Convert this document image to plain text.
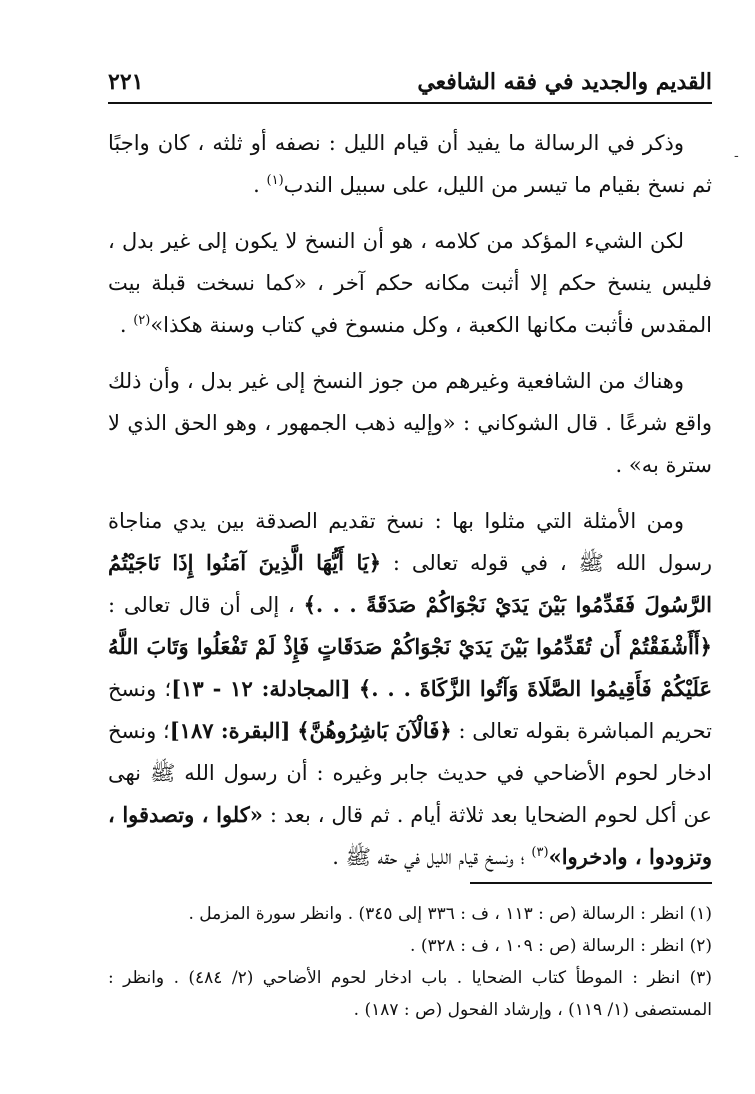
٢٢١	القديم والجديد في فقه الشافعي
-

وذكر في الرسالة ما يفيد أن قيام الليل : نصفه أو ثلثه ، كان واجبًا ثم نسخ بقيام ما تيسر من الليل، على سبيل الندب$^{(١)}$ .

لكن الشيء المؤكد من كلامه ، هو أن النسخ لا يكون إلى غير بدل ، فليس ينسخ حكم إلا أثبت مكانه حكم آخر ، «كما نسخت قبلة بيت المقدس فأثبت مكانها الكعبة ، وكل منسوخ في كتاب وسنة هكذا»$^{(٢)}$ .

وهناك من الشافعية وغيرهم من جوز النسخ إلى غير بدل ، وأن ذلك واقع شرعًا . قال الشوكاني : «وإليه ذهب الجمهور ، وهو الحق الذي لا سترة به» .

ومن الأمثلة التي مثلوا بها : نسخ تقديم الصدقة بين يدي مناجاة رسول الله ﷺ ، في قوله تعالى : ﴿يَا أَيُّهَا الَّذِينَ آمَنُوا إِذَا نَاجَيْتُمُ الرَّسُولَ فَقَدِّمُوا بَيْنَ يَدَيْ نَجْوَاكُمْ صَدَقَةً . . .﴾ ، إلى أن قال تعالى : ﴿أَأَشْفَقْتُمْ أَن تُقَدِّمُوا بَيْنَ يَدَيْ نَجْوَاكُمْ صَدَقَاتٍ فَإِذْ لَمْ تَفْعَلُوا وَتَابَ اللَّهُ عَلَيْكُمْ فَأَقِيمُوا الصَّلَاةَ وَآتُوا الزَّكَاةَ . . .﴾ [المجادلة: ١٢ - ١٣]؛ ونسخ تحريم المباشرة بقوله تعالى : ﴿فَالْآنَ بَاشِرُوهُنَّ﴾ [البقرة: ١٨٧]؛ ونسخ ادخار لحوم الأضاحي في حديث جابر وغيره : أن رسول الله ﷺ نهى عن أكل لحوم الضحايا بعد ثلاثة أيام . ثم قال ، بعد : «كلوا ، وتصدقوا ، وتزودوا ، وادخروا»$^{(٣)}$ ؛ ونسخ قيام الليل في حقه ﷺ .

(١) انظر : الرسالة (ص : ١١٣ ، ف : ٣٣٦ إلى ٣٤٥) . وانظر سورة المزمل .

(٢) انظر : الرسالة (ص : ١٠٩ ، ف : ٣٢٨) .

(٣) انظر : الموطأ كتاب الضحايا . باب ادخار لحوم الأضاحي (٢/ ٤٨٤) . وانظر : المستصفى (١/ ١١٩) ، وإرشاد الفحول (ص : ١٨٧) .
